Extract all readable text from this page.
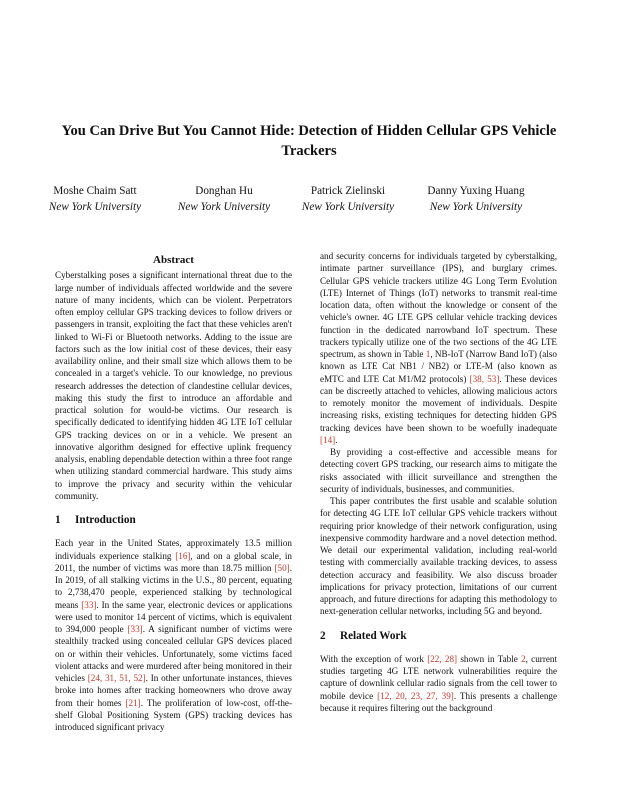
You Can Drive But You Cannot Hide: Detection of Hidden Cellular GPS Vehicle Trackers
Moshe Chaim Satt
New York University
Donghan Hu
New York University
Patrick Zielinski
New York University
Danny Yuxing Huang
New York University
Abstract

Cyberstalking poses a significant international threat due to the large number of individuals affected worldwide and the severe nature of many incidents, which can be violent. Perpetrators often employ cellular GPS tracking devices to follow drivers or passengers in transit, exploiting the fact that these vehicles aren't linked to Wi-Fi or Bluetooth networks. Adding to the issue are factors such as the low initial cost of these devices, their easy availability online, and their small size which allows them to be concealed in a target's vehicle. To our knowledge, no previous research addresses the detection of clandestine cellular devices, making this study the first to introduce an affordable and practical solution for would-be victims. Our research is specifically dedicated to identifying hidden 4G LTE IoT cellular GPS tracking devices on or in a vehicle. We present an innovative algorithm designed for effective uplink frequency analysis, enabling dependable detection within a three foot range when utilizing standard commercial hardware. This study aims to improve the privacy and security within the vehicular community.

1 Introduction

Each year in the United States, approximately 13.5 million individuals experience stalking [16], and on a global scale, in 2011, the number of victims was more than 18.75 million [50]. In 2019, of all stalking victims in the U.S., 80 percent, equating to 2,738,470 people, experienced stalking by technological means [33]. In the same year, electronic devices or applications were used to monitor 14 percent of victims, which is equivalent to 394,000 people [33]. A significant number of victims were stealthily tracked using concealed cellular GPS devices placed on or within their vehicles. Unfortunately, some victims faced violent attacks and were murdered after being monitored in their vehicles [24, 31, 51, 52]. In other unfortunate instances, thieves broke into homes after tracking homeowners who drove away from their homes [21]. The proliferation of low-cost, off-the-shelf Global Positioning System (GPS) tracking devices has introduced significant privacy

and security concerns for individuals targeted by cyberstalking, intimate partner surveillance (IPS), and burglary crimes. Cellular GPS vehicle trackers utilize 4G Long Term Evolution (LTE) Internet of Things (IoT) networks to transmit real-time location data, often without the knowledge or consent of the vehicle's owner. 4G LTE GPS cellular vehicle tracking devices function in the dedicated narrowband IoT spectrum. These trackers typically utilize one of the two sections of the 4G LTE spectrum, as shown in Table 1, NB-IoT (Narrow Band IoT) (also known as LTE Cat NB1 / NB2) or LTE-M (also known as eMTC and LTE Cat M1/M2 protocols) [38, 53]. These devices can be discreetly attached to vehicles, allowing malicious actors to remotely monitor the movement of individuals. Despite increasing risks, existing techniques for detecting hidden GPS tracking devices have been shown to be woefully inadequate [14].

By providing a cost-effective and accessible means for detecting covert GPS tracking, our research aims to mitigate the risks associated with illicit surveillance and strengthen the security of individuals, businesses, and communities.

This paper contributes the first usable and scalable solution for detecting 4G LTE IoT cellular GPS vehicle trackers without requiring prior knowledge of their network configuration, using inexpensive commodity hardware and a novel detection method. We detail our experimental validation, including real-world testing with commercially available tracking devices, to assess detection accuracy and feasibility. We also discuss broader implications for privacy protection, limitations of our current approach, and future directions for adapting this methodology to next-generation cellular networks, including 5G and beyond.

2 Related Work

With the exception of work [22, 28] shown in Table 2, current studies targeting 4G LTE network vulnerabilities require the capture of downlink cellular radio signals from the cell tower to mobile device [12, 20, 23, 27, 39]. This presents a challenge because it requires filtering out the background
